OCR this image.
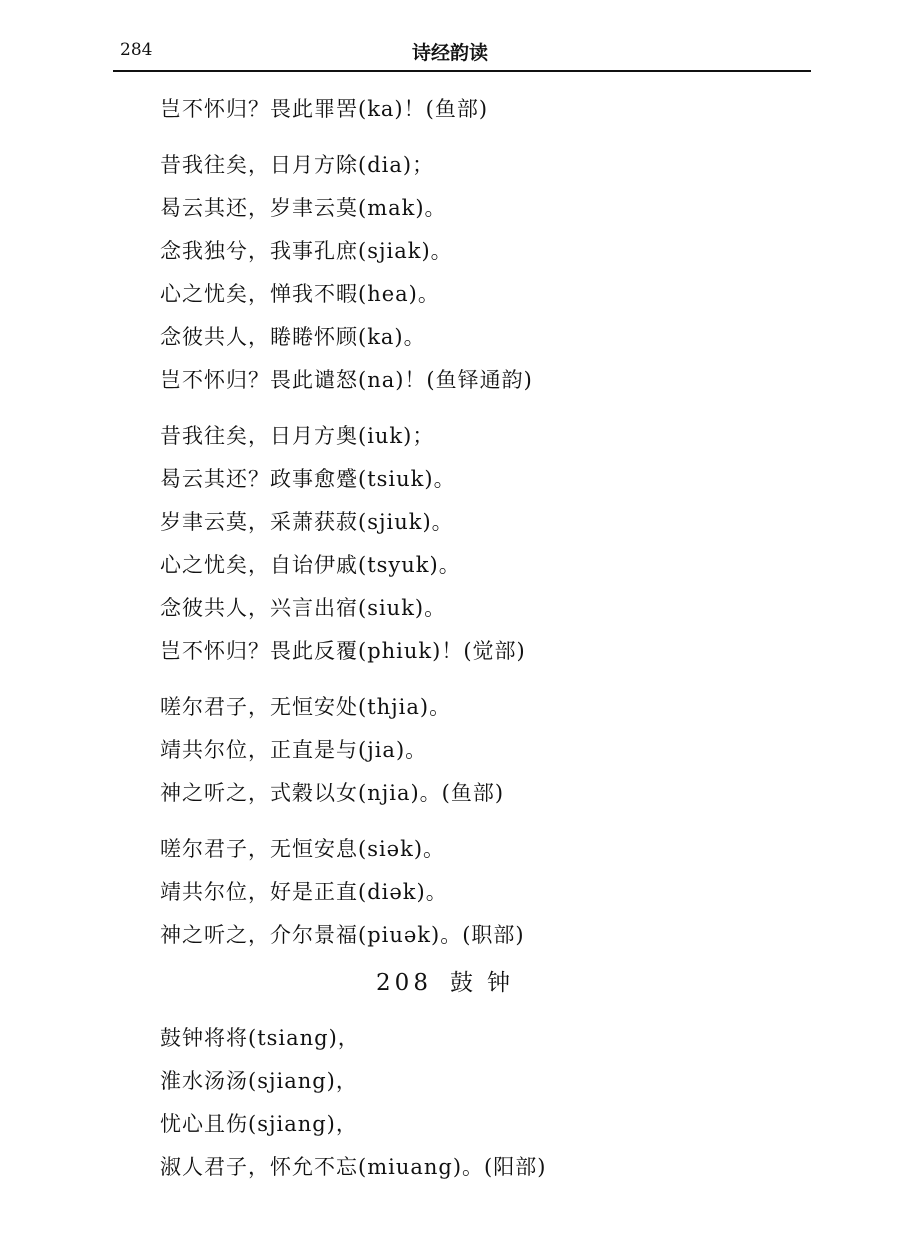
284	诗经韵读
岂不怀归？畏此罪罟(ka)！(鱼部)
昔我往矣，日月方除(dia)；
曷云其还，岁聿云莫(mak)。
念我独兮，我事孔庶(sjiak)。
心之忧矣，惮我不暇(hea)。
念彼共人，睠睠怀顾(ka)。
岂不怀归？畏此谴怒(na)！(鱼铎通韵)
昔我往矣，日月方奥(iuk)；
曷云其还？政事愈蹙(tsiuk)。
岁聿云莫，采萧获菽(sjiuk)。
心之忧矣，自诒伊戚(tsyuk)。
念彼共人，兴言出宿(siuk)。
岂不怀归？畏此反覆(phiuk)！(觉部)
嗟尔君子，无恒安处(thjia)。
靖共尔位，正直是与(jia)。
神之听之，式穀以女(njia)。(鱼部)
嗟尔君子，无恒安息(siək)。
靖共尔位，好是正直(diək)。
神之听之，介尔景福(piuək)。(职部)
208 鼓钟
鼓钟将将(tsiang)，
淮水汤汤(sjiang)，
忧心且伤(sjiang)，
淑人君子，怀允不忘(miuang)。(阳部)
